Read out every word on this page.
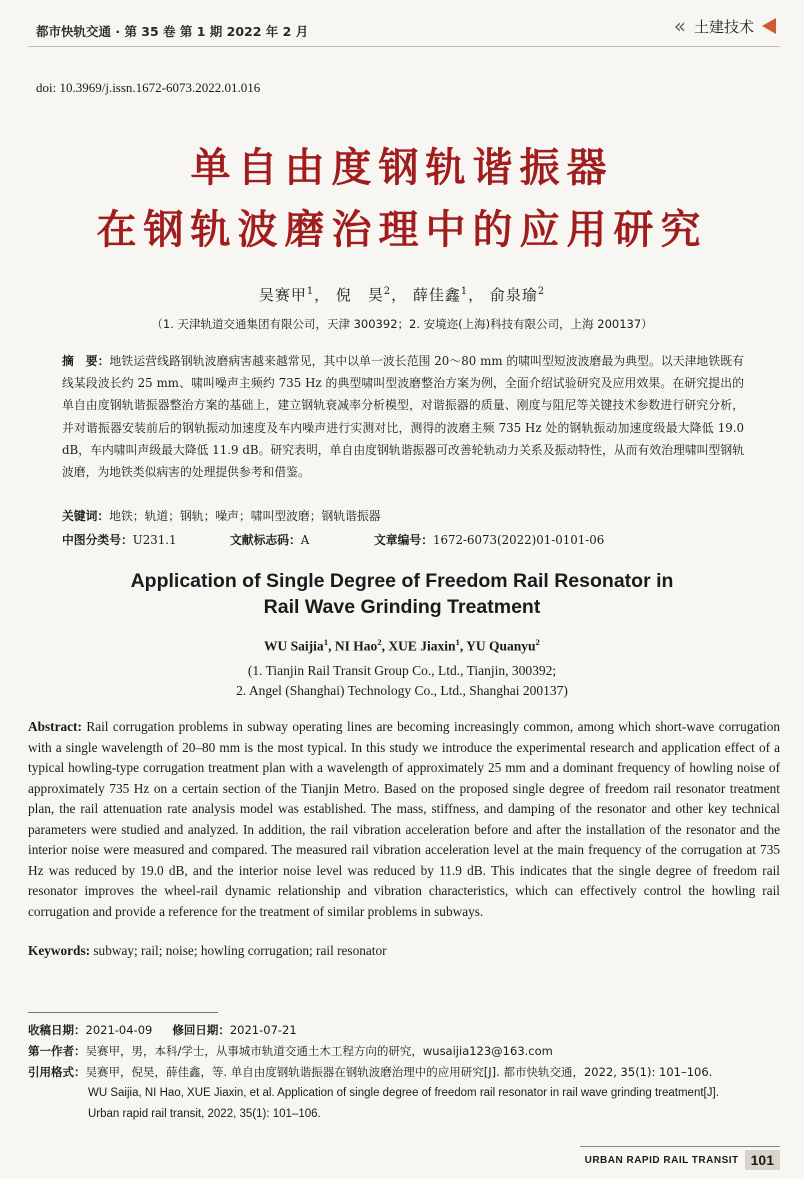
都市快轨交通 · 第 35 卷 第 1 期 2022 年 2 月	« 土建技术
doi: 10.3969/j.issn.1672-6073.2022.01.016
单自由度钢轨谐振器
在钢轨波磨治理中的应用研究
吴赛甲$^1$， 倪　昊$^2$， 薛佳鑫$^1$， 俞泉瑜$^2$
（1. 天津轨道交通集团有限公司，天津 300392；2. 安境迩(上海)科技有限公司，上海 200137）
摘　要：地铁运营线路钢轨波磨病害越来越常见，其中以单一波长范围 20～80 mm 的啸叫型短波波磨最为典型。以天津地铁既有线某段波长约 25 mm、啸叫噪声主频约 735 Hz 的典型啸叫型波磨整治方案为例，全面介绍试验研究及应用效果。在研究提出的单自由度钢轨谐振器整治方案的基础上，建立钢轨衰减率分析模型，对谐振器的质量、刚度与阻尼等关键技术参数进行研究分析，并对谐振器安装前后的钢轨振动加速度及车内噪声进行实测对比，测得的波磨主频 735 Hz 处的钢轨振动加速度级最大降低 19.0 dB，车内啸叫声级最大降低 11.9 dB。研究表明，单自由度钢轨谐振器可改善轮轨动力关系及振动特性，从而有效治理啸叫型钢轨波磨，为地铁类似病害的处理提供参考和借鉴。
关键词：地铁；轨道；钢轨；噪声；啸叫型波磨；钢轨谐振器
中图分类号：U231.1	文献标志码：A	文章编号：1672-6073(2022)01-0101-06
Application of Single Degree of Freedom Rail Resonator in
Rail Wave Grinding Treatment
WU Saijia$^1$, NI Hao$^2$, XUE Jiaxin$^1$, YU Quanyu$^2$
(1. Tianjin Rail Transit Group Co., Ltd., Tianjin, 300392;
2. Angel (Shanghai) Technology Co., Ltd., Shanghai 200137)
Abstract: Rail corrugation problems in subway operating lines are becoming increasingly common, among which short-wave corrugation with a single wavelength of 20–80 mm is the most typical. In this study we introduce the experimental research and application effect of a typical howling-type corrugation treatment plan with a wavelength of approximately 25 mm and a dominant frequency of howling noise of approximately 735 Hz on a certain section of the Tianjin Metro. Based on the proposed single degree of freedom rail resonator treatment plan, the rail attenuation rate analysis model was established. The mass, stiffness, and damping of the resonator and other key technical parameters were studied and analyzed. In addition, the rail vibration acceleration before and after the installation of the resonator and the interior noise were measured and compared. The measured rail vibration acceleration level at the main frequency of the corrugation at 735 Hz was reduced by 19.0 dB, and the interior noise level was reduced by 11.9 dB. This indicates that the single degree of freedom rail resonator improves the wheel-rail dynamic relationship and vibration characteristics, which can effectively control the howling rail corrugation and provide a reference for the treatment of similar problems in subways.
Keywords: subway; rail; noise; howling corrugation; rail resonator
收稿日期：2021-04-09 修回日期：2021-07-21
第一作者：吴赛甲，男，本科/学士，从事城市轨道交通土木工程方向的研究，wusaijia123@163.com
引用格式：吴赛甲，倪昊，薛佳鑫，等. 单自由度钢轨谐振器在钢轨波磨治理中的应用研究[J]. 都市快轨交通，2022, 35(1): 101–106.
WU Saijia, NI Hao, XUE Jiaxin, et al. Application of single degree of freedom rail resonator in rail wave grinding treatment[J].
Urban rapid rail transit, 2022, 35(1): 101–106.
URBAN RAPID RAIL TRANSIT 101
